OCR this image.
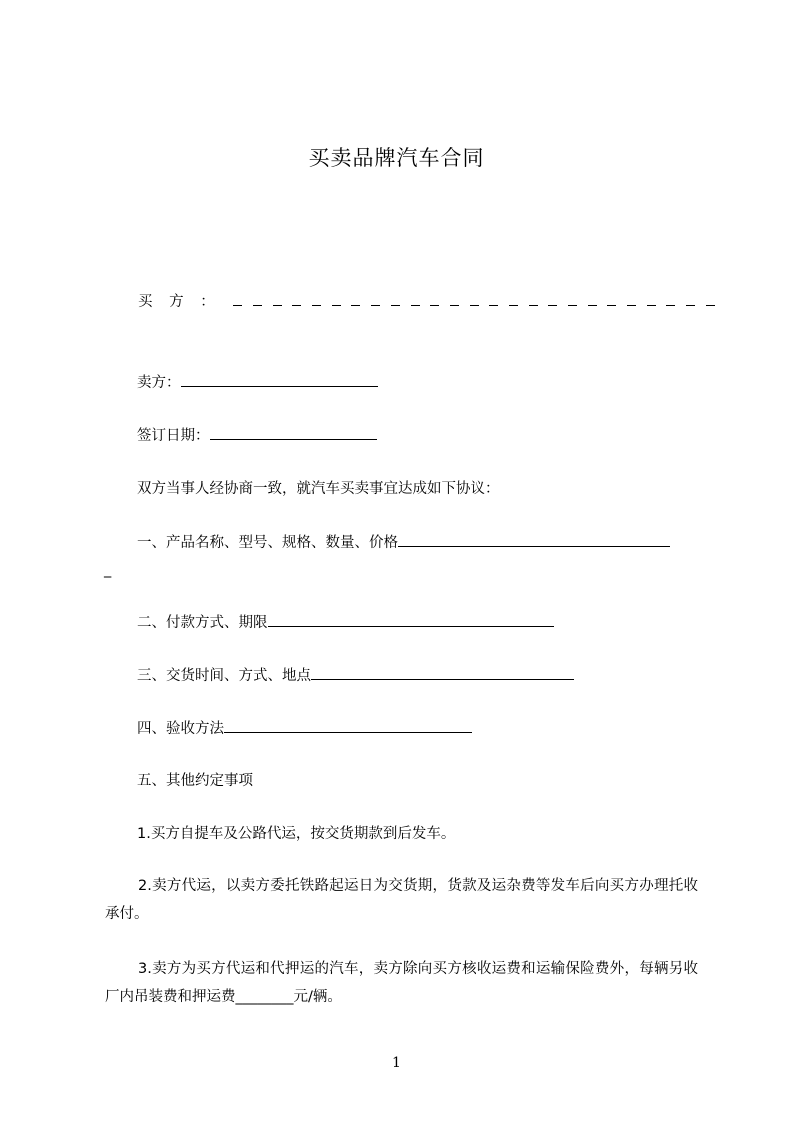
买卖品牌汽车合同
买 方 ：
卖方：
签订日期：
双方当事人经协商一致，就汽车买卖事宜达成如下协议：
一、产品名称、型号、规格、数量、价格
_
二、付款方式、期限
三、交货时间、方式、地点
四、验收方法
五、其他约定事项
1.买方自提车及公路代运，按交货期款到后发车。
2.卖方代运，以卖方委托铁路起运日为交货期，货款及运杂费等发车后向买方办理托收承付。
3.卖方为买方代运和代押运的汽车，卖方除向买方核收运费和运输保险费外，每辆另收厂内吊装费和押运费________元/辆。
1
